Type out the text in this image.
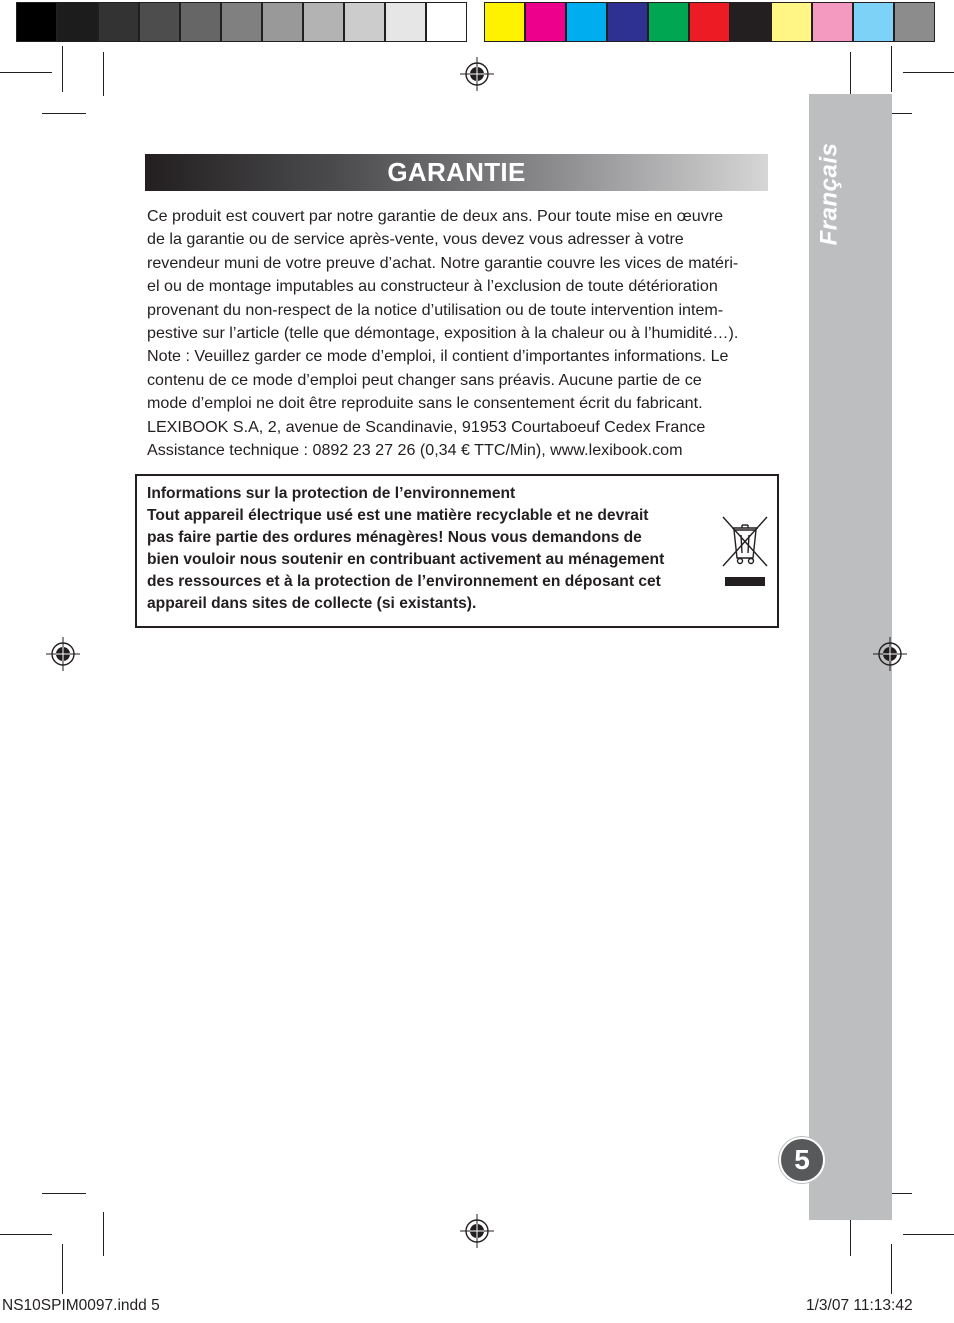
Français
GARANTIE

Ce produit est couvert par notre garantie de deux ans. Pour toute mise en œuvre
de la garantie ou de service après-vente, vous devez vous adresser à votre
revendeur muni de votre preuve d’achat. Notre garantie couvre les vices de matéri-
el ou de montage imputables au constructeur à l’exclusion de toute détérioration
provenant du non-respect de la notice d’utilisation ou de toute intervention intem-
pestive sur l’article (telle que démontage, exposition à la chaleur ou à l’humidité…).
Note : Veuillez garder ce mode d’emploi, il contient d’importantes informations. Le
contenu de ce mode d’emploi peut changer sans préavis. Aucune partie de ce
mode d’emploi ne doit être reproduite sans le consentement écrit du fabricant.
LEXIBOOK S.A, 2, avenue de Scandinavie, 91953 Courtaboeuf Cedex France
Assistance technique : 0892 23 27 26 (0,34 € TTC/Min), www.lexibook.com

Informations sur la protection de l’environnement
Tout appareil électrique usé est une matière recyclable et ne devrait
pas faire partie des ordures ménagères! Nous vous demandons de
bien vouloir nous soutenir en contribuant activement au ménagement
des ressources et à la protection de l’environnement en déposant cet
appareil dans sites de collecte (si existants).
5
NS10SPIM0097.indd 5	1/3/07 11:13:42
